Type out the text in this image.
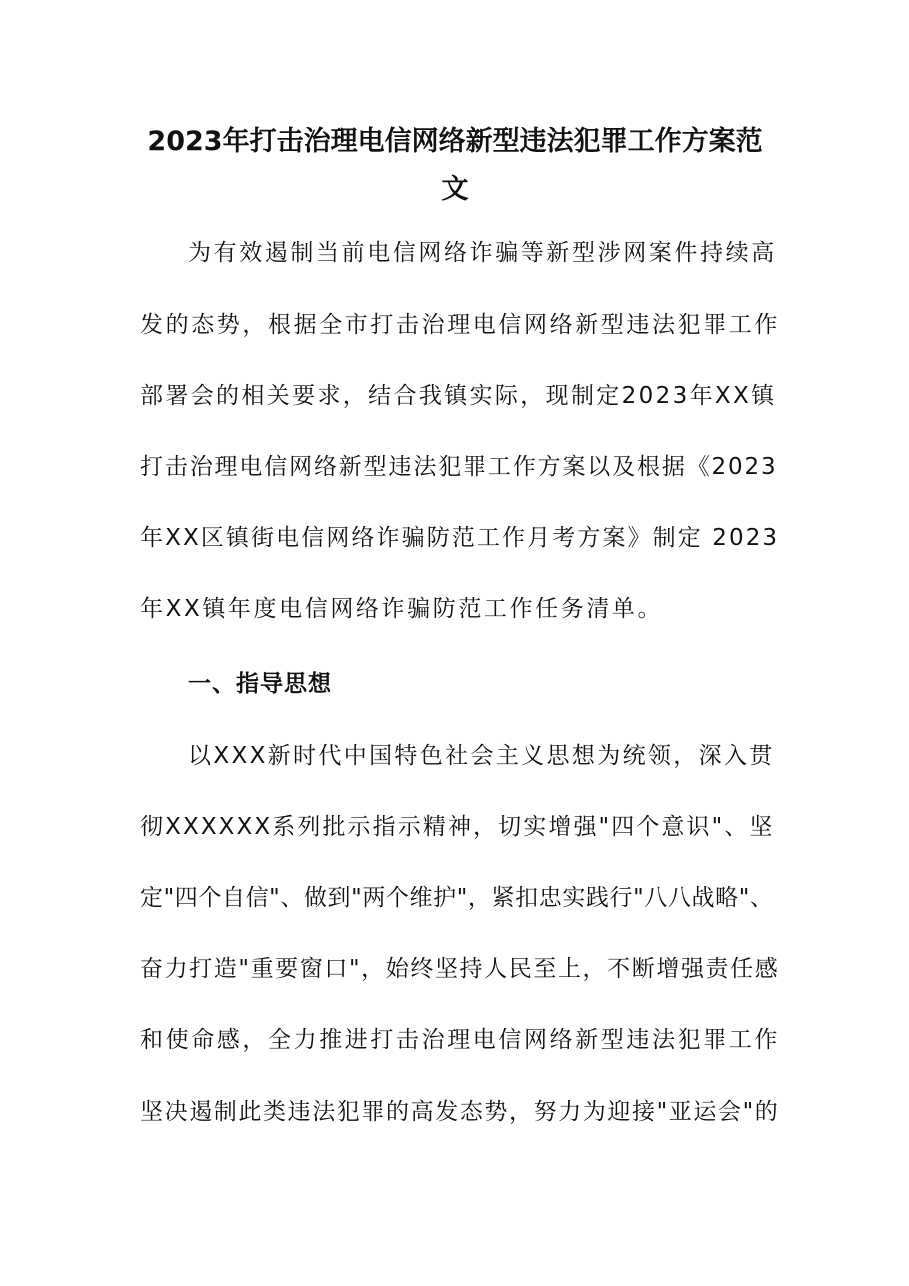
2023年打击治理电信网络新型违法犯罪工作方案范
文
为有效遏制当前电信网络诈骗等新型涉网案件持续高
发的态势，根据全市打击治理电信网络新型违法犯罪工作
部署会的相关要求，结合我镇实际，现制定2023年XX镇
打击治理电信网络新型违法犯罪工作方案以及根据《2023
年XX区镇街电信网络诈骗防范工作月考方案》制定 2023
年XX镇年度电信网络诈骗防范工作任务清单。
一、指导思想
以XXX新时代中国特色社会主义思想为统领，深入贯
彻XXXXXX系列批示指示精神，切实增强"四个意识"、坚
定"四个自信"、做到"两个维护"，紧扣忠实践行"八八战略"、
奋力打造"重要窗口"，始终坚持人民至上，不断增强责任感
和使命感，全力推进打击治理电信网络新型违法犯罪工作
坚决遏制此类违法犯罪的高发态势，努力为迎接"亚运会"的
